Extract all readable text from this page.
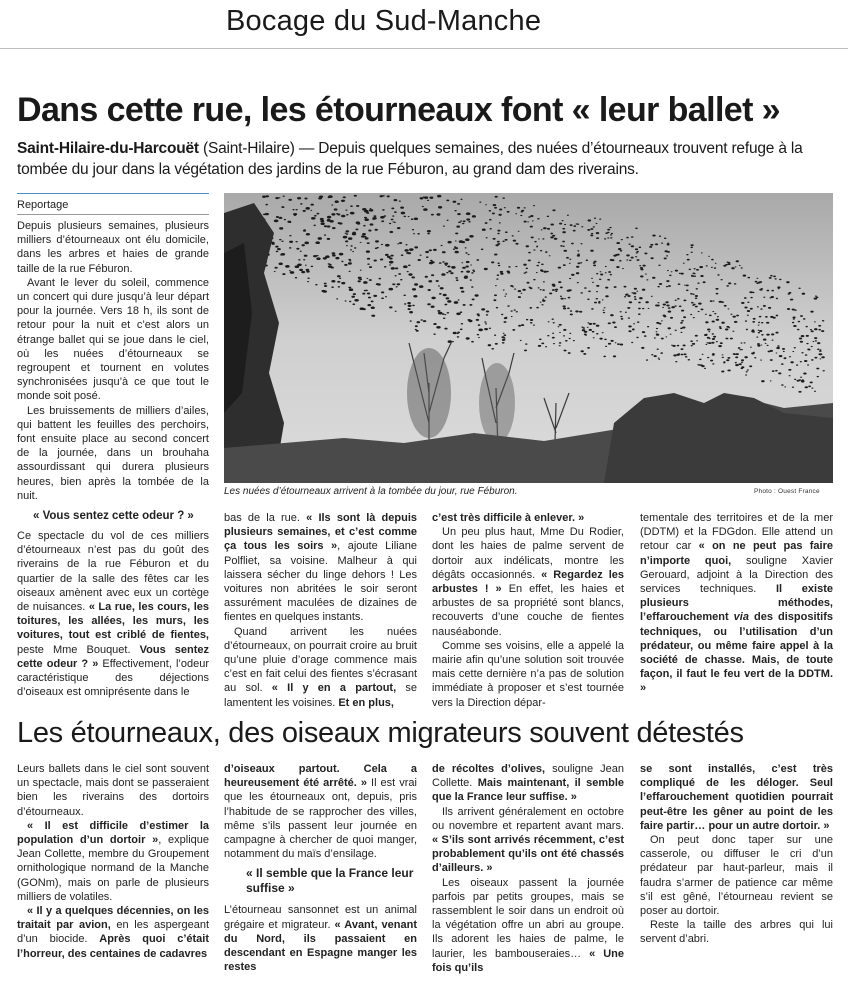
Bocage du Sud-Manche
Dans cette rue, les étourneaux font « leur ballet »
Saint-Hilaire-du-Harcouët (Saint-Hilaire) — Depuis quelques semaines, des nuées d’étourneaux trouvent refuge à la tombée du jour dans la végétation des jardins de la rue Féburon, au grand dam des riverains.
Reportage

Depuis plusieurs semaines, plusieurs milliers d’étourneaux ont élu domicile, dans les arbres et haies de grande taille de la rue Féburon.

Avant le lever du soleil, commence un concert qui dure jusqu’à leur départ pour la journée. Vers 18 h, ils sont de retour pour la nuit et c’est alors un étrange ballet qui se joue dans le ciel, où les nuées d’étourneaux se regroupent et tournent en volutes synchronisées jusqu’à ce que tout le monde soit posé.

Les bruissements de milliers d’ailes, qui battent les feuilles des perchoirs, font ensuite place au second concert de la journée, dans un brouhaha assourdissant qui durera plusieurs heures, bien après la tombée de la nuit.

« Vous sentez cette odeur ? »

Ce spectacle du vol de ces milliers d’étourneaux n’est pas du goût des riverains de la rue Féburon et du quartier de la salle des fêtes car les oiseaux amènent avec eux un cortège de nuisances. « La rue, les cours, les toitures, les allées, les murs, les voitures, tout est criblé de fientes, peste Mme Bouquet. Vous sentez cette odeur ? » Effectivement, l’odeur caractéristique des déjections d’oiseaux est omniprésente dans le

Les nuées d’étourneaux arrivent à la tombée du jour, rue Féburon.	Photo : Ouest France

bas de la rue. « Ils sont là depuis plusieurs semaines, et c’est comme ça tous les soirs », ajoute Liliane Polfliet, sa voisine. Malheur à qui laissera sécher du linge dehors ! Les voitures non abritées le soir seront assurément maculées de dizaines de fientes en quelques instants.

Quand arrivent les nuées d’étourneaux, on pourrait croire au bruit qu’une pluie d’orage commence mais c’est en fait celui des fientes s’écrasant au sol. « Il y en a partout, se lamentent les voisines. Et en plus,

c’est très difficile à enlever. »

Un peu plus haut, Mme Du Rodier, dont les haies de palme servent de dortoir aux indélicats, montre les dégâts occasionnés. « Regardez les arbustes ! » En effet, les haies et arbustes de sa propriété sont blancs, recouverts d’une couche de fientes nauséabonde.

Comme ses voisins, elle a appelé la mairie afin qu’une solution soit trouvée mais cette dernière n’a pas de solution immédiate à proposer et s’est tournée vers la Direction dépar-

tementale des territoires et de la mer (DDTM) et la FDGdon. Elle attend un retour car « on ne peut pas faire n’importe quoi, souligne Xavier Gerouard, adjoint à la Direction des services techniques. Il existe plusieurs méthodes, l’effarouchement via des dispositifs techniques, ou l’utilisation d’un prédateur, ou même faire appel à la société de chasse. Mais, de toute façon, il faut le feu vert de la DDTM. »

Les étourneaux, des oiseaux migrateurs souvent détestés

Leurs ballets dans le ciel sont souvent un spectacle, mais dont se passeraient bien les riverains des dortoirs d’étourneaux.

« Il est difficile d’estimer la population d’un dortoir », explique Jean Collette, membre du Groupement ornithologique normand de la Manche (GONm), mais on parle de plusieurs milliers de volatiles.

« Il y a quelques décennies, on les traitait par avion, en les aspergeant d’un biocide. Après quoi c’était l’horreur, des centaines de cadavres

d’oiseaux partout. Cela a heureusement été arrêté. » Il est vrai que les étourneaux ont, depuis, pris l’habitude de se rapprocher des villes, même s’ils passent leur journée en campagne à chercher de quoi manger, notamment du maïs d’ensilage.

« Il semble que la France leur suffise »

L’étourneau sansonnet est un animal grégaire et migrateur. « Avant, venant du Nord, ils passaient en descendant en Espagne manger les restes

de récoltes d’olives, souligne Jean Collette. Mais maintenant, il semble que la France leur suffise. »

Ils arrivent généralement en octobre ou novembre et repartent avant mars. « S’ils sont arrivés récemment, c’est probablement qu’ils ont été chassés d’ailleurs. »

Les oiseaux passent la journée parfois par petits groupes, mais se rassemblent le soir dans un endroit où la végétation offre un abri au groupe. Ils adorent les haies de palme, le laurier, les bambouseraies… « Une fois qu’ils

se sont installés, c’est très compliqué de les déloger. Seul l’effarouchement quotidien pourrait peut-être les gêner au point de les faire partir… pour un autre dortoir. »

On peut donc taper sur une casserole, ou diffuser le cri d’un prédateur par haut-parleur, mais il faudra s’armer de patience car même s’il est gêné, l’étourneau revient se poser au dortoir.

Reste la taille des arbres qui lui servent d’abri.
